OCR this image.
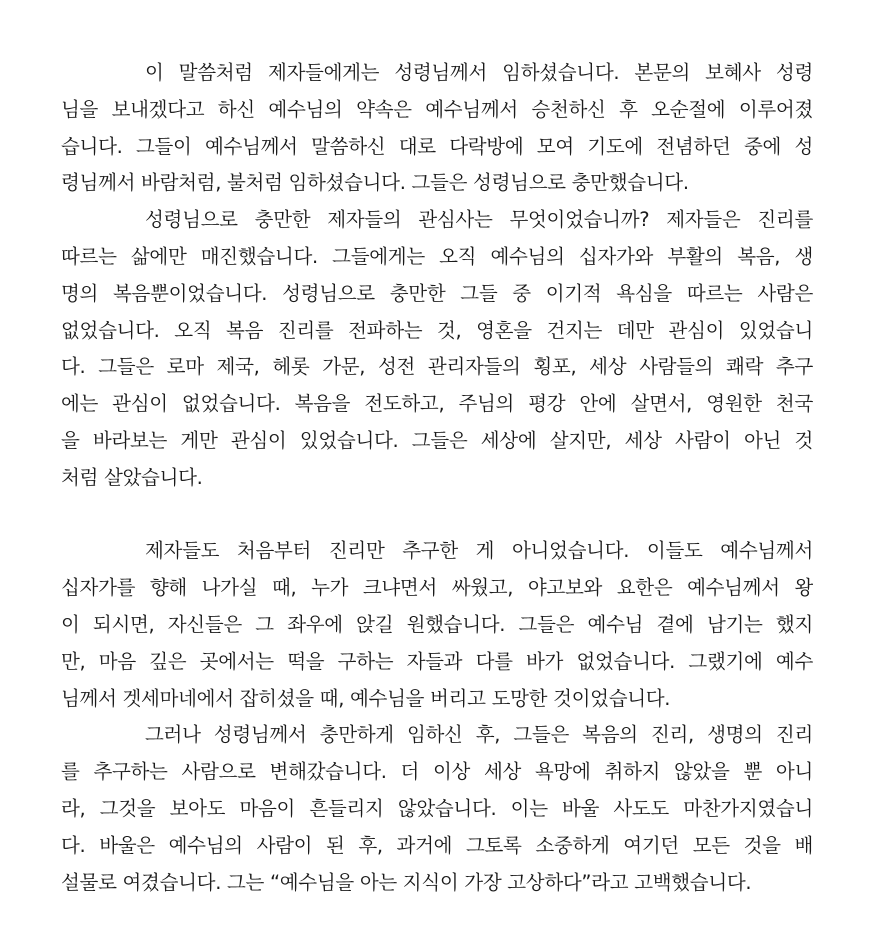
이 말씀처럼 제자들에게는 성령님께서 임하셨습니다. 본문의 보혜사 성령
님을 보내겠다고 하신 예수님의 약속은 예수님께서 승천하신 후 오순절에 이루어졌
습니다. 그들이 예수님께서 말씀하신 대로 다락방에 모여 기도에 전념하던 중에 성
령님께서 바람처럼, 불처럼 임하셨습니다. 그들은 성령님으로 충만했습니다.
성령님으로 충만한 제자들의 관심사는 무엇이었습니까? 제자들은 진리를
따르는 삶에만 매진했습니다. 그들에게는 오직 예수님의 십자가와 부활의 복음, 생
명의 복음뿐이었습니다. 성령님으로 충만한 그들 중 이기적 욕심을 따르는 사람은
없었습니다. 오직 복음 진리를 전파하는 것, 영혼을 건지는 데만 관심이 있었습니
다. 그들은 로마 제국, 헤롯 가문, 성전 관리자들의 횡포, 세상 사람들의 쾌락 추구
에는 관심이 없었습니다. 복음을 전도하고, 주님의 평강 안에 살면서, 영원한 천국
을 바라보는 게만 관심이 있었습니다. 그들은 세상에 살지만, 세상 사람이 아닌 것
처럼 살았습니다.
제자들도 처음부터 진리만 추구한 게 아니었습니다. 이들도 예수님께서
십자가를 향해 나가실 때, 누가 크냐면서 싸웠고, 야고보와 요한은 예수님께서 왕
이 되시면, 자신들은 그 좌우에 앉길 원했습니다. 그들은 예수님 곁에 남기는 했지
만, 마음 깊은 곳에서는 떡을 구하는 자들과 다를 바가 없었습니다. 그랬기에 예수
님께서 겟세마네에서 잡히셨을 때, 예수님을 버리고 도망한 것이었습니다.
그러나 성령님께서 충만하게 임하신 후, 그들은 복음의 진리, 생명의 진리
를 추구하는 사람으로 변해갔습니다. 더 이상 세상 욕망에 취하지 않았을 뿐 아니
라, 그것을 보아도 마음이 흔들리지 않았습니다. 이는 바울 사도도 마찬가지였습니
다. 바울은 예수님의 사람이 된 후, 과거에 그토록 소중하게 여기던 모든 것을 배
설물로 여겼습니다. 그는 “예수님을 아는 지식이 가장 고상하다”라고 고백했습니다.
